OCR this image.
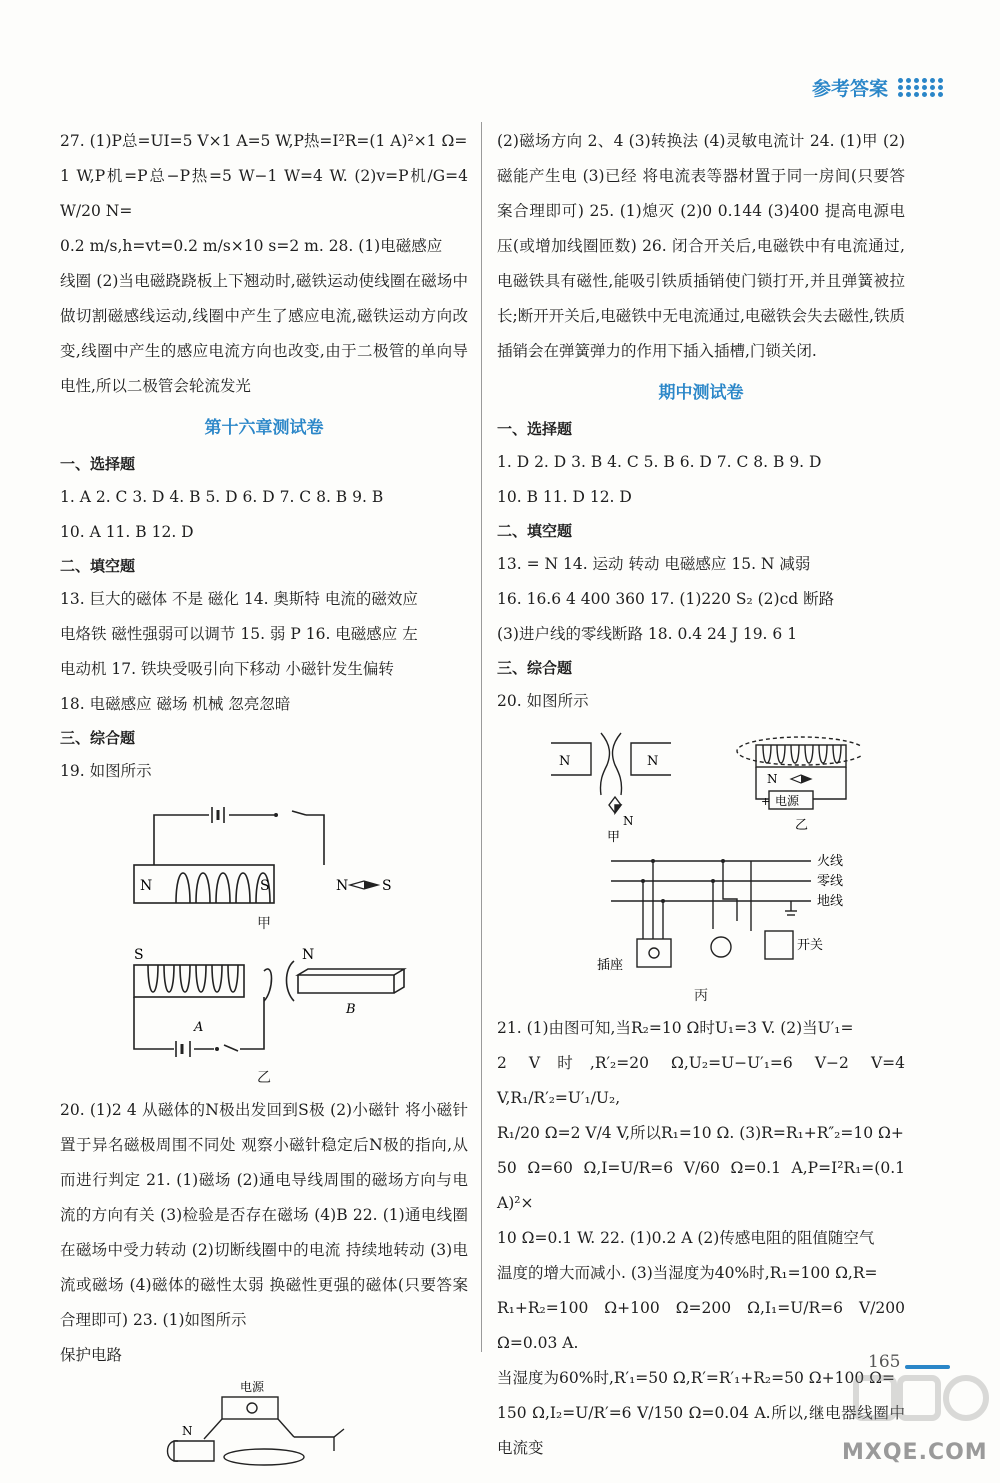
参考答案

27. (1)P总=UI=5 V×1 A=5 W,P热=I²R=(1 A)²×1 Ω=

1 W,P机=P总−P热=5 W−1 W=4 W. (2)v=P机/G=4 W/20 N=

0.2 m/s,h=vt=0.2 m/s×10 s=2 m. 28. (1)电磁感应

线圈 (2)当电磁跷跷板上下翘动时,磁铁运动使线圈在磁场中做切割磁感线运动,线圈中产生了感应电流,磁铁运动方向改变,线圈中产生的感应电流方向也改变,由于二极管的单向导电性,所以二极管会轮流发光

第十六章测试卷

一、选择题

1. A 2. C 3. D 4. B 5. D 6. D 7. C 8. B 9. B

10. A 11. B 12. D

二、填空题

13. 巨大的磁体 不是 磁化 14. 奥斯特 电流的磁效应

电烙铁 磁性强弱可以调节 15. 弱 P 16. 电磁感应 左

电动机 17. 铁块受吸引向下移动 小磁针发生偏转

18. 电磁感应 磁场 机械 忽亮忽暗

三、综合题

19. 如图所示

N	S	N S
甲
S	N
A
B
乙

20. (1)2 4 从磁体的N极出发回到S极 (2)小磁针 将小磁针置于异名磁极周围不同处 观察小磁针稳定后N极的指向,从而进行判定 21. (1)磁场 (2)通电导线周围的磁场方向与电流的方向有关 (3)检验是否存在磁场 (4)B 22. (1)通电线圈在磁场中受力转动 (2)切断线圈中的电流 持续地转动 (3)电流或磁场 (4)磁体的磁性太弱 换磁性更强的磁体(只要答案合理即可) 23. (1)如图所示

保护电路

电源
N

(2)磁场方向 2、4 (3)转换法 (4)灵敏电流计 24. (1)甲 (2)磁能产生电 (3)已经 将电流表等器材置于同一房间(只要答案合理即可) 25. (1)熄灭 (2)0 0.144 (3)400 提高电源电压(或增加线圈匝数) 26. 闭合开关后,电磁铁中有电流通过,电磁铁具有磁性,能吸引铁质插销使门锁打开,并且弹簧被拉长;断开开关后,电磁铁中无电流通过,电磁铁会失去磁性,铁质插销会在弹簧弹力的作用下插入插槽,门锁关闭.

期中测试卷

一、选择题

1. D 2. D 3. B 4. C 5. B 6. D 7. C 8. B 9. D

10. B 11. D 12. D

二、填空题

13. = N 14. 运动 转动 电磁感应 15. N 减弱

16. 16.6 4 400 360 17. (1)220 S₂ (2)cd 断路

(3)进户线的零线断路 18. 0.4 24 J 19. 6 1

三、综合题

20. 如图所示

N	N
N
甲
N
+ 电源
乙
火线
零线
地线
插座
开关
丙

21. (1)由图可知,当R₂=10 Ω时U₁=3 V. (2)当U′₁=

2 V时,R′₂=20 Ω,U₂=U−U′₁=6 V−2 V=4 V,R₁/R′₂=U′₁/U₂,

R₁/20 Ω=2 V/4 V,所以R₁=10 Ω. (3)R=R₁+R″₂=10 Ω+

50 Ω=60 Ω,I=U/R=6 V/60 Ω=0.1 A,P=I²R₁=(0.1 A)²×

10 Ω=0.1 W. 22. (1)0.2 A (2)传感电阻的阻值随空气

温度的增大而减小. (3)当湿度为40%时,R₁=100 Ω,R=

R₁+R₂=100 Ω+100 Ω=200 Ω,I₁=U/R=6 V/200 Ω=0.03 A.

当湿度为60%时,R′₁=50 Ω,R′=R′₁+R₂=50 Ω+100 Ω=

150 Ω,I₂=U/R′=6 V/150 Ω=0.04 A.所以,继电器线圈中电流变

165
MXQE.COM
